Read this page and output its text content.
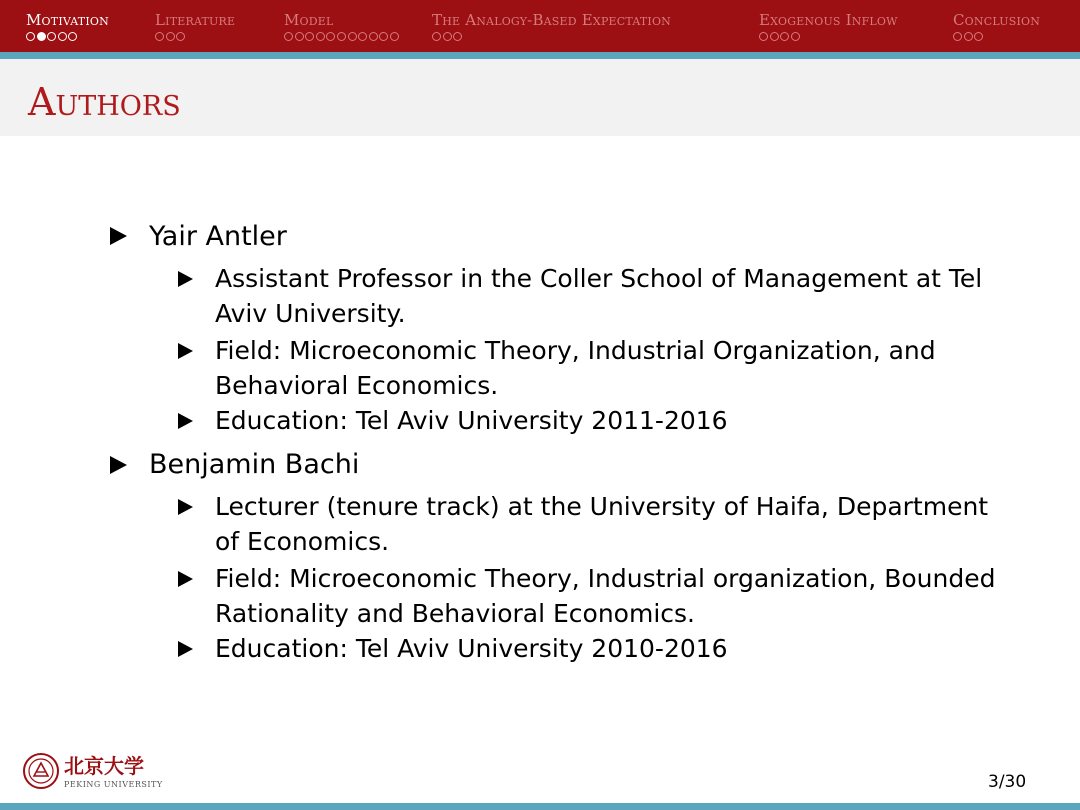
Motivation	Literature	Model	The Analogy-Based Expectation	Exogenous Inflow	Conclusion
Authors
Yair Antler
Assistant Professor in the Coller School of Management at Tel Aviv University.
Field: Microeconomic Theory, Industrial Organization, and Behavioral Economics.
Education: Tel Aviv University 2011-2016
Benjamin Bachi
Lecturer (tenure track) at the University of Haifa, Department of Economics.
Field: Microeconomic Theory, Industrial organization, Bounded Rationality and Behavioral Economics.
Education: Tel Aviv University 2010-2016
北京大学
PEKING UNIVERSITY	3/30
